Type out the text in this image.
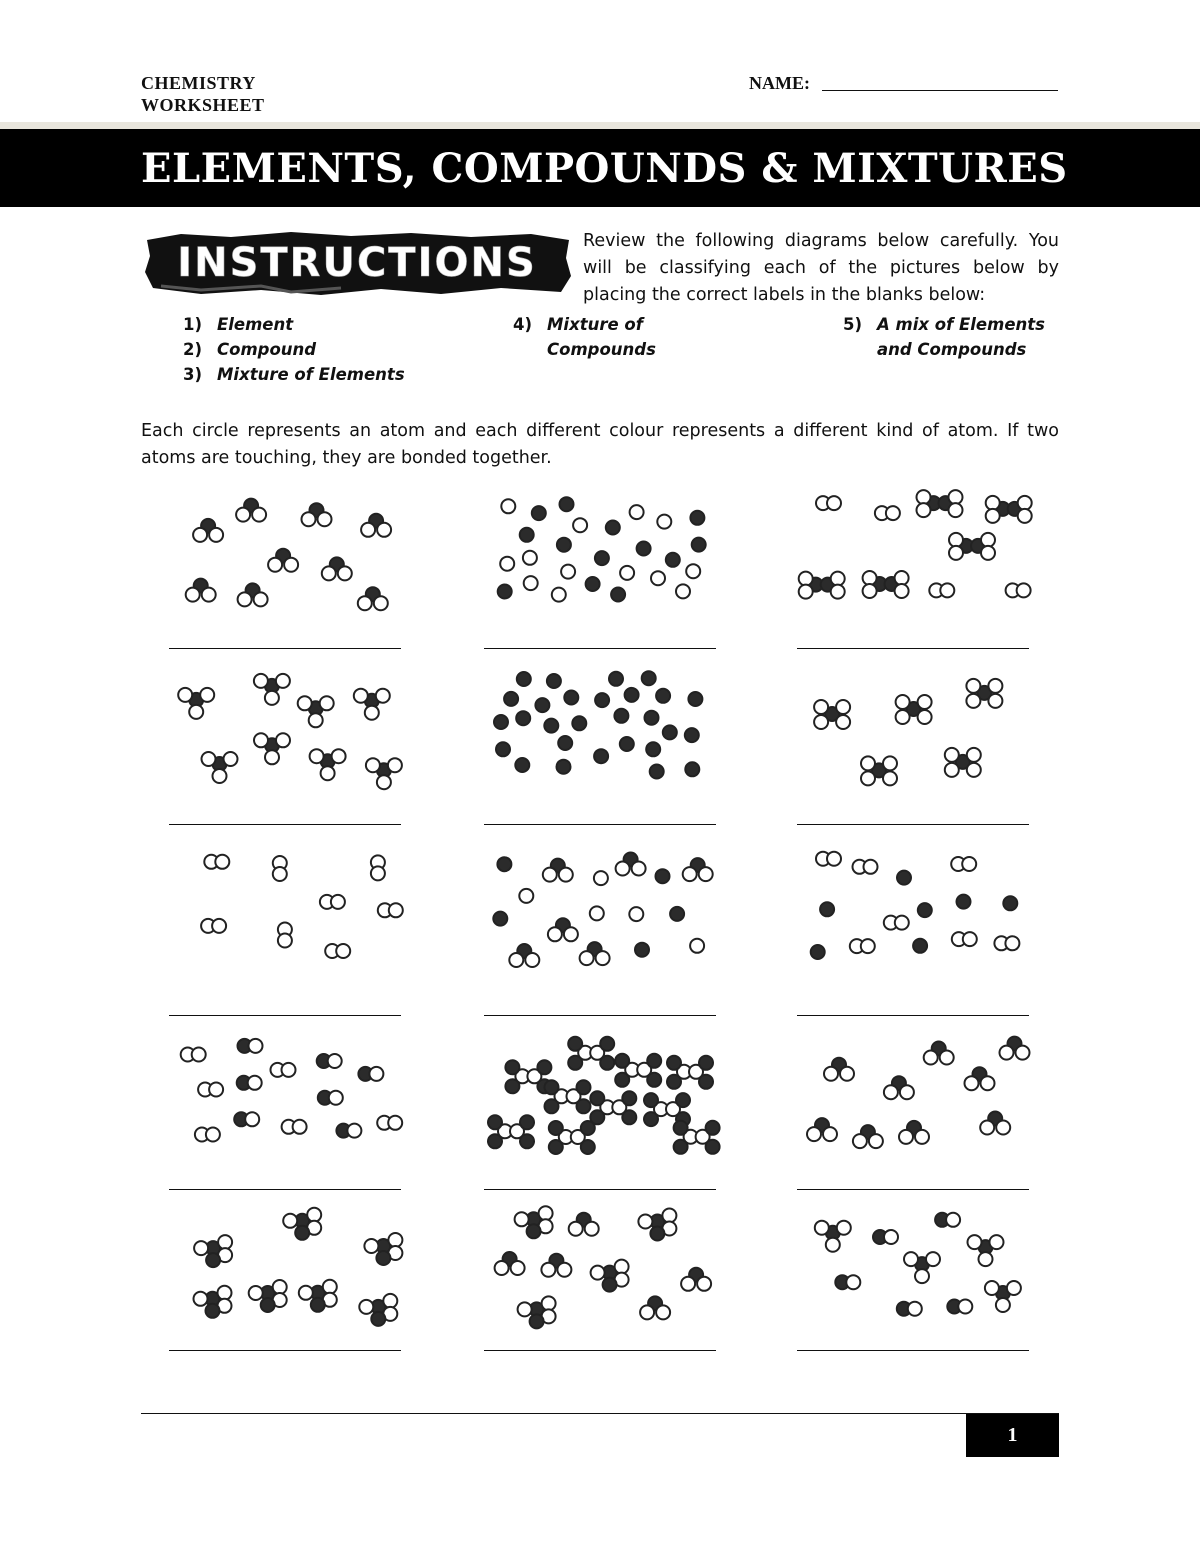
CHEMISTRY
WORKSHEET
NAME:
ELEMENTS, COMPOUNDS & MIXTURES
INSTRUCTIONS	Review the following diagrams below carefully. You will be classifying each of the pictures below by placing the correct labels in the blanks below:
1) Element
2) Compound
3) Mixture of Elements
4) Mixture of
Compounds
5) A mix of Elements
and Compounds
Each circle represents an atom and each different colour represents a different kind of atom. If two atoms are touching, they are bonded together.
1
